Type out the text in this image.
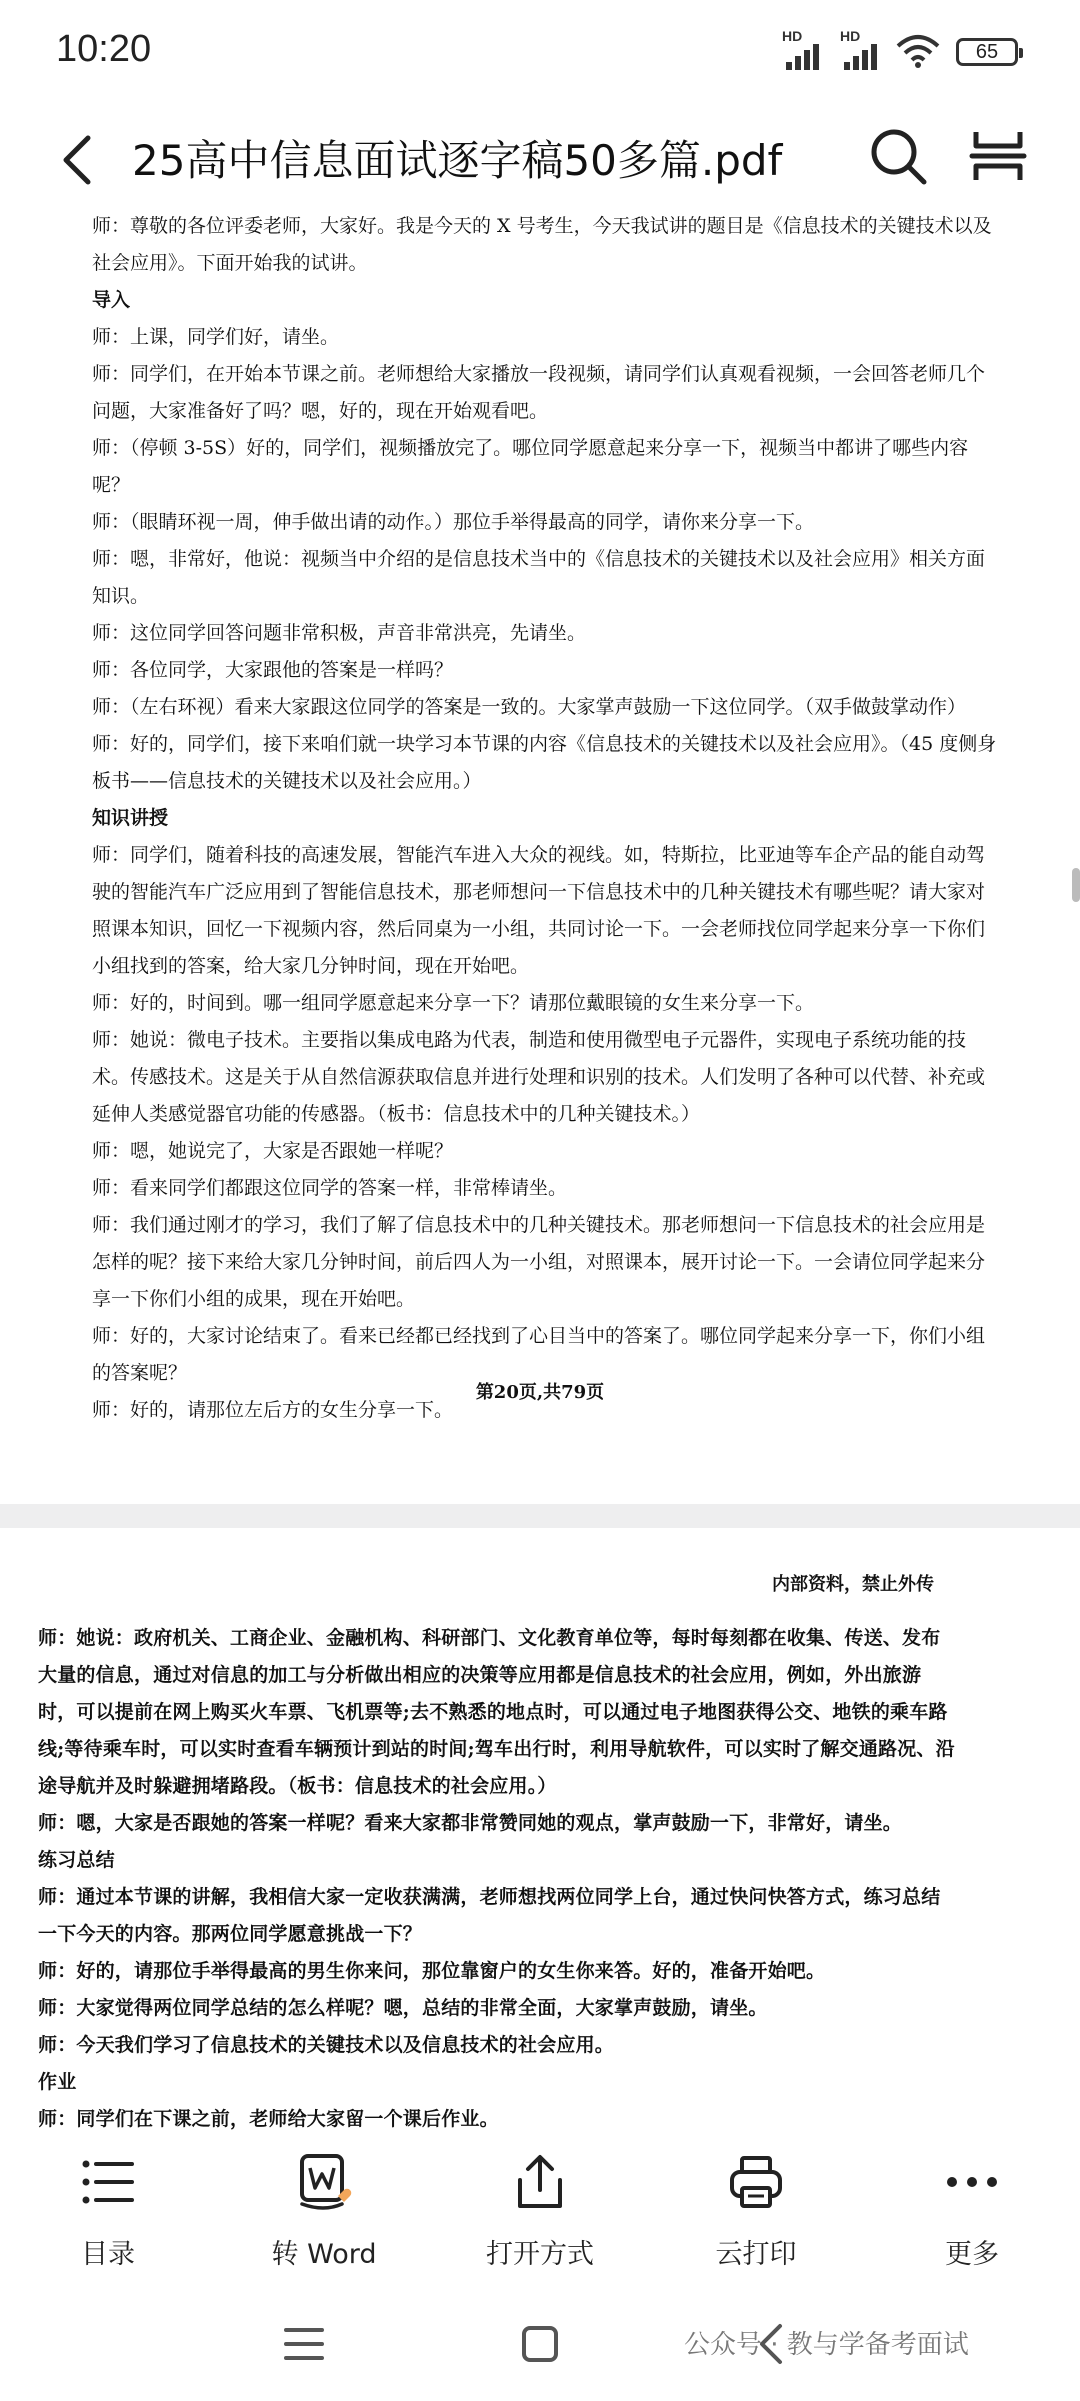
10:20	HD	HD
65
25高中信息面试逐字稿50多篇.pdf

师：尊敬的各位评委老师，大家好。我是今天的 X 号考生，今天我试讲的题目是《信息技术的关键技术以及社会应用》。下面开始我的试讲。

导入

师：上课，同学们好，请坐。

师：同学们，在开始本节课之前。老师想给大家播放一段视频，请同学们认真观看视频，一会回答老师几个问题，大家准备好了吗？嗯，好的，现在开始观看吧。

师：（停顿 3-5S）好的，同学们，视频播放完了。哪位同学愿意起来分享一下，视频当中都讲了哪些内容呢？

师：（眼睛环视一周，伸手做出请的动作。）那位手举得最高的同学，请你来分享一下。

师：嗯，非常好，他说：视频当中介绍的是信息技术当中的《信息技术的关键技术以及社会应用》相关方面知识。

师：这位同学回答问题非常积极，声音非常洪亮，先请坐。

师：各位同学，大家跟他的答案是一样吗？

师：（左右环视）看来大家跟这位同学的答案是一致的。大家掌声鼓励一下这位同学。（双手做鼓掌动作）

师：好的，同学们，接下来咱们就一块学习本节课的内容《信息技术的关键技术以及社会应用》。（45 度侧身板书——信息技术的关键技术以及社会应用。）

知识讲授

师：同学们，随着科技的高速发展，智能汽车进入大众的视线。如，特斯拉，比亚迪等车企产品的能自动驾驶的智能汽车广泛应用到了智能信息技术，那老师想问一下信息技术中的几种关键技术有哪些呢？请大家对照课本知识，回忆一下视频内容，然后同桌为一小组，共同讨论一下。一会老师找位同学起来分享一下你们小组找到的答案，给大家几分钟时间，现在开始吧。

师：好的，时间到。哪一组同学愿意起来分享一下？请那位戴眼镜的女生来分享一下。

师：她说：微电子技术。主要指以集成电路为代表，制造和使用微型电子元器件，实现电子系统功能的技术。传感技术。这是关于从自然信源获取信息并进行处理和识别的技术。人们发明了各种可以代替、补充或延伸人类感觉器官功能的传感器。（板书：信息技术中的几种关键技术。）

师：嗯，她说完了，大家是否跟她一样呢？

师：看来同学们都跟这位同学的答案一样，非常棒请坐。

师：我们通过刚才的学习，我们了解了信息技术中的几种关键技术。那老师想问一下信息技术的社会应用是怎样的呢？接下来给大家几分钟时间，前后四人为一小组，对照课本，展开讨论一下。一会请位同学起来分享一下你们小组的成果，现在开始吧。

师：好的，大家讨论结束了。看来已经都已经找到了心目当中的答案了。哪位同学起来分享一下，你们小组的答案呢？

师：好的，请那位左后方的女生分享一下。

第20页,共79页
内部资料，禁止外传

师：她说：政府机关、工商企业、金融机构、科研部门、文化教育单位等，每时每刻都在收集、传送、发布大量的信息，通过对信息的加工与分析做出相应的决策等应用都是信息技术的社会应用，例如，外出旅游时，可以提前在网上购买火车票、飞机票等;去不熟悉的地点时，可以通过电子地图获得公交、地铁的乘车路线;等待乘车时，可以实时查看车辆预计到站的时间;驾车出行时，利用导航软件，可以实时了解交通路况、沿途导航并及时躲避拥堵路段。（板书：信息技术的社会应用。）

师：嗯，大家是否跟她的答案一样呢？看来大家都非常赞同她的观点，掌声鼓励一下，非常好，请坐。

练习总结

师：通过本节课的讲解，我相信大家一定收获满满，老师想找两位同学上台，通过快问快答方式，练习总结一下今天的内容。那两位同学愿意挑战一下？

师：好的，请那位手举得最高的男生你来问，那位靠窗户的女生你来答。好的，准备开始吧。

师：大家觉得两位同学总结的怎么样呢？嗯，总结的非常全面，大家掌声鼓励，请坐。

师：今天我们学习了信息技术的关键技术以及信息技术的社会应用。

作业

师：同学们在下课之前，老师给大家留一个课后作业。

目录	转 Word	打开方式	云打印	更多
公众号 · 教与学备考面试
